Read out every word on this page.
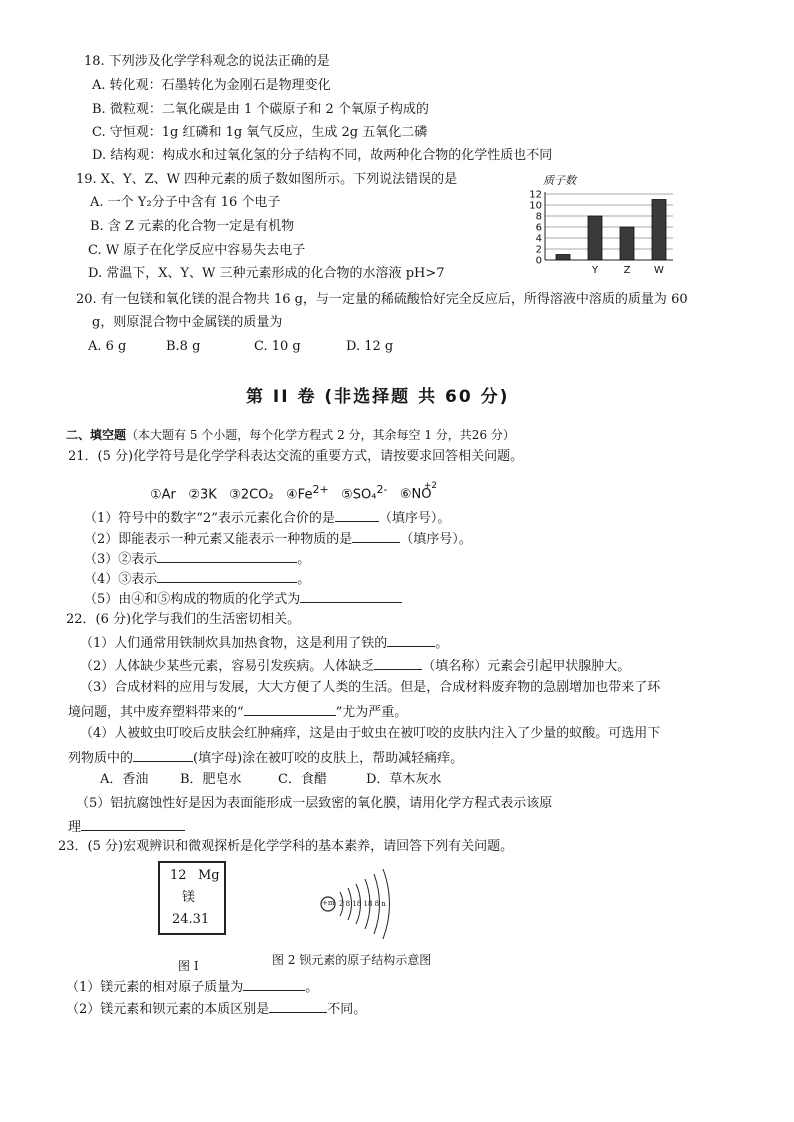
18. 下列涉及化学学科观念的说法正确的是
A. 转化观：石墨转化为金刚石是物理变化
B. 微粒观：二氧化碳是由 1 个碳原子和 2 个氧原子构成的
C. 守恒观：1g 红磷和 1g 氧气反应，生成 2g 五氧化二磷
D. 结构观：构成水和过氧化氢的分子结构不同，故两种化合物的化学性质也不同
19. X、Y、Z、W 四种元素的质子数如图所示。下列说法错误的是
A. 一个 Y₂分子中含有 16 个电子
B. 含 Z 元素的化合物一定是有机物
C. W 原子在化学反应中容易失去电子
D. 常温下，X、Y、W 三种元素形成的化合物的水溶液 pH>7
质子数
0
2
4
6
8
10
12
Y	Z W
20. 有一包镁和氧化镁的混合物共 16 g，与一定量的稀硫酸恰好完全反应后，所得溶液中溶质的质量为 60
g，则原混合物中金属镁的质量为
A. 6 g	B.8 g	C. 10 g	D. 12 g
第 II 卷 (非选择题 共 60 分)
二、填空题（本大题有 5 个小题，每个化学方程式 2 分，其余每空 1 分，共26 分）
21．(5 分)化学符号是化学学科表达交流的重要方式，请按要求回答相关问题。
①Ar ②3K ③2CO₂ $④Fe^{2+}$ ⑤SO₄$^{2-}$	+2
⑥NO
（1）符号中的数字“2”表示元素化合价的是	（填序号）。
（2）即能表示一种元素又能表示一种物质的是	（填序号）。
（3）②表示	。
（4）③表示	。
（5）由④和⑤构成的物质的化学式为
22．(6 分)化学与我们的生活密切相关。
（1）人们通常用铁制炊具加热食物，这是利用了铁的	。
（2）人体缺少某些元素，容易引发疾病。人体缺乏	（填名称）元素会引起甲状腺肿大。
（3）合成材料的应用与发展，大大方便了人类的生活。但是，合成材料废弃物的急剧增加也带来了环
境问题，其中废弃塑料带来的“	”尤为严重。
（4）人被蚊虫叮咬后皮肤会红肿痛痒，这是由于蚊虫在被叮咬的皮肤内注入了少量的蚁酸。可选用下
列物质中的	(填字母)涂在被叮咬的皮肤上，帮助减轻痛痒。
A．香油 B．肥皂水	C．食醋	D．草木灰水
（5）铝抗腐蚀性好是因为表面能形成一层致密的氧化膜，请用化学方程式表示该原
理
23．(5 分)宏观辨识和微观探析是化学学科的基本素养，请回答下列有关问题。
12 Mg
镁
24.31
+m 2 8 18 18 8 n
图 I	图 2 钡元素的原子结构示意图
（1）镁元素的相对原子质量为	。
（2）镁元素和钡元素的本质区别是	不同。
